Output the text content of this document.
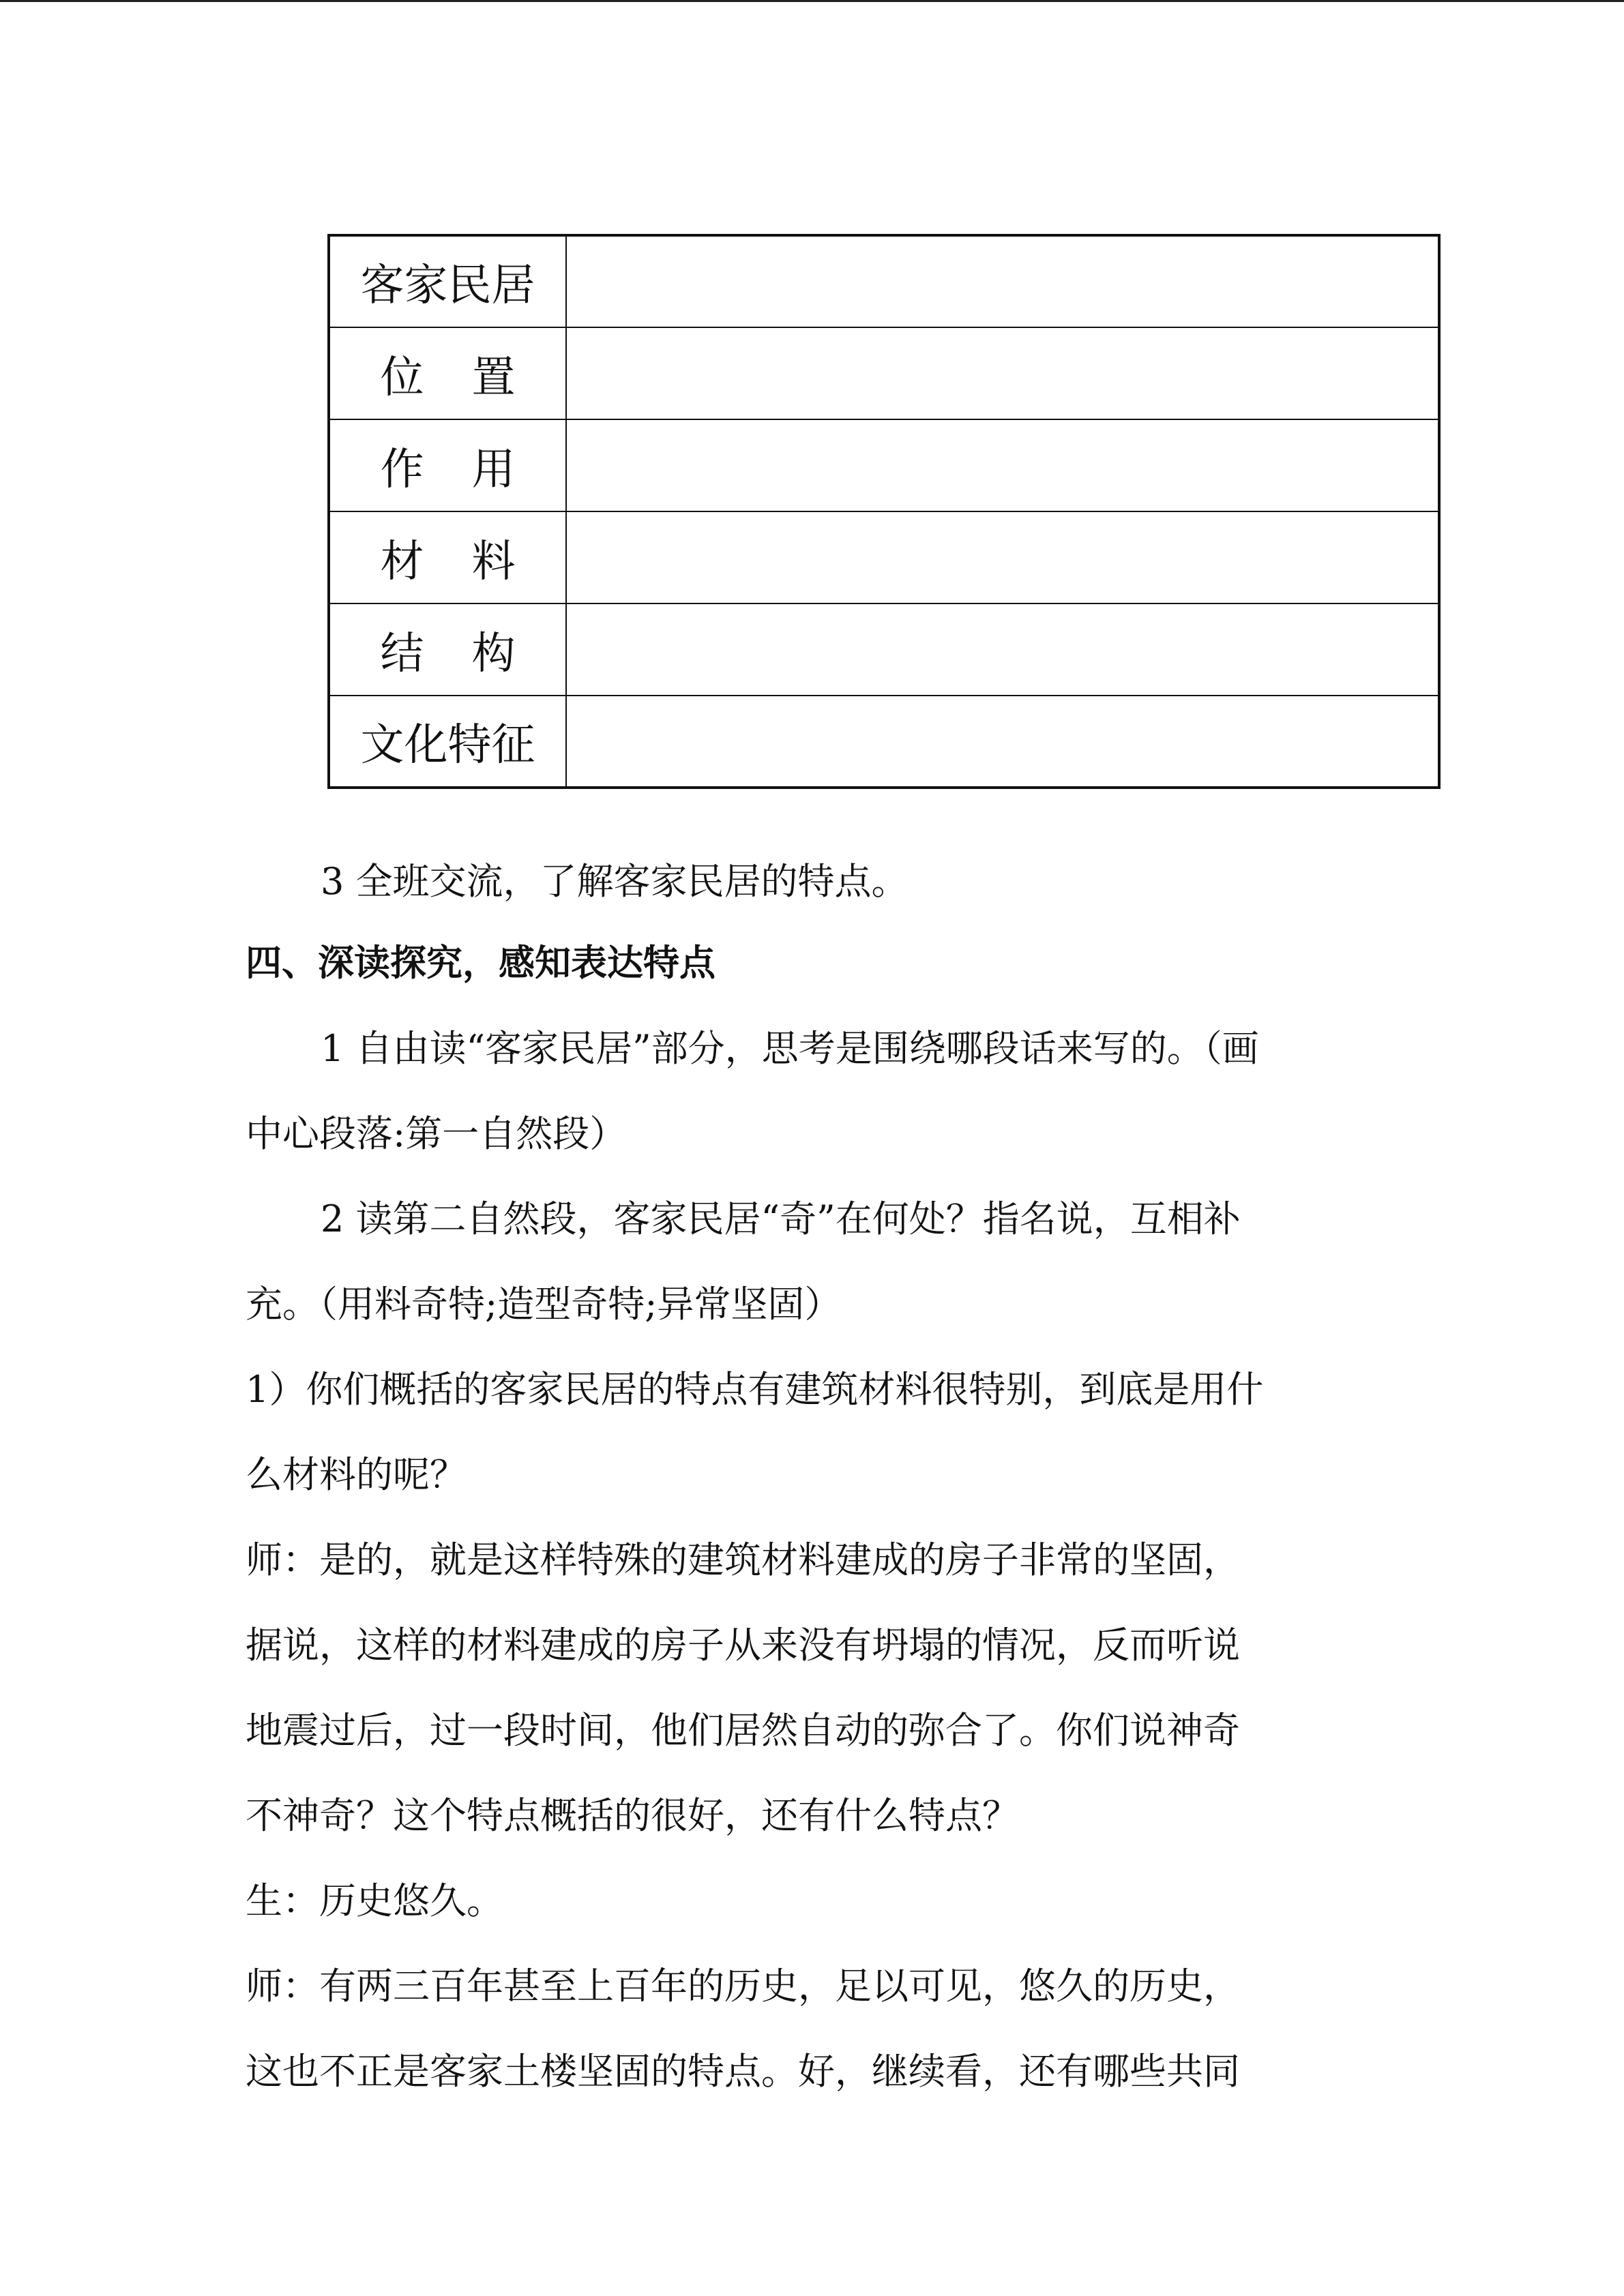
客家民居	
位置	
作用	
材料	
结构	
文化特征	
3 全班交流，了解客家民居的特点。
四、深读探究，感知表达特点
1 自由读“客家民居”部分，思考是围绕哪段话来写的。（画
中心段落:第一自然段）
2 读第二自然段，客家民居“奇”在何处？指名说，互相补
充。（用料奇特;造型奇特;异常坚固）
1）你们概括的客家民居的特点有建筑材料很特别，到底是用什
么材料的呢？
师：是的，就是这样特殊的建筑材料建成的房子非常的坚固，
据说，这样的材料建成的房子从来没有坍塌的情况，反而听说
地震过后，过一段时间，他们居然自动的弥合了。你们说神奇
不神奇？这个特点概括的很好，还有什么特点？
生：历史悠久。
师：有两三百年甚至上百年的历史，足以可见，悠久的历史，
这也不正是客家土楼坚固的特点。好，继续看，还有哪些共同
